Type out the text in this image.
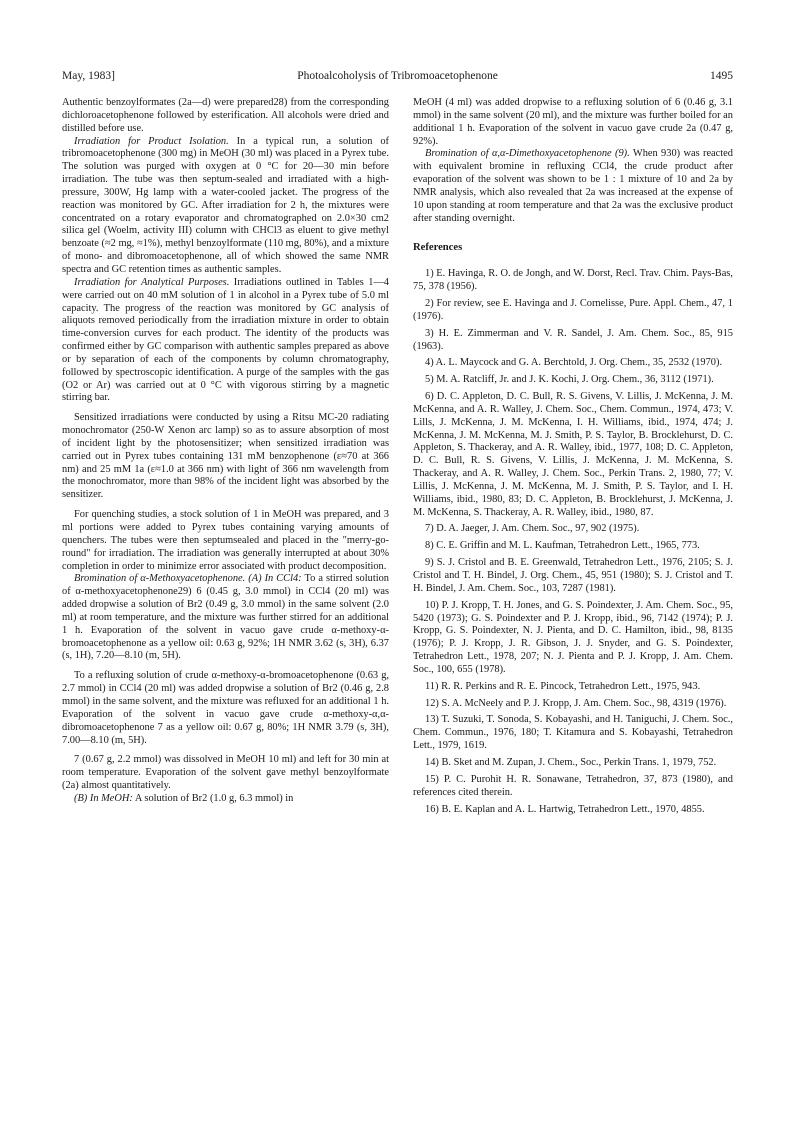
May, 1983]	Photoalcoholysis of Tribromoacetophenone	1495

Authentic benzoylformates (2a—d) were prepared28) from the corresponding dichloroacetophenone followed by esterification. All alcohols were dried and distilled before use.

Irradiation for Product Isolation. In a typical run, a solution of tribromoacetophenone (300 mg) in MeOH (30 ml) was placed in a Pyrex tube. The solution was purged with oxygen at 0 °C for 20—30 min before irradiation. The tube was then septum-sealed and irradiated with a high-pressure, 300W, Hg lamp with a water-cooled jacket. The progress of the reaction was monitored by GC. After irradiation for 2 h, the mixtures were concentrated on a rotary evaporator and chromatographed on 2.0×30 cm2 silica gel (Woelm, activity III) column with CHCl3 as eluent to give methyl benzoate (≈2 mg, ≈1%), methyl benzoylformate (110 mg, 80%), and a mixture of mono- and dibromoacetophenone, all of which showed the same NMR spectra and GC retention times as authentic samples.

Irradiation for Analytical Purposes. Irradiations outlined in Tables 1—4 were carried out on 40 mM solution of 1 in alcohol in a Pyrex tube of 5.0 ml capacity. The progress of the reaction was monitored by GC analysis of aliquots removed periodically from the irradiation mixture in order to obtain time-conversion curves for each product. The identity of the products was confirmed either by GC comparison with authentic samples prepared as above or by separation of each of the components by column chromatography, followed by spectroscopic identification. A purge of the samples with the gas (O2 or Ar) was carried out at 0 °C with vigorous stirring by a magnetic stirring bar.

Sensitized irradiations were conducted by using a Ritsu MC-20 radiating monochromator (250-W Xenon arc lamp) so as to assure absorption of most of incident light by the photosensitizer; when sensitized irradiation was carried out in Pyrex tubes containing 131 mM benzophenone (ε≈70 at 366 nm) and 25 mM 1a (ε≈1.0 at 366 nm) with light of 366 nm wavelength from the monochromator, more than 98% of the incident light was absorbed by the sensitizer.

For quenching studies, a stock solution of 1 in MeOH was prepared, and 3 ml portions were added to Pyrex tubes containing varying amounts of quenchers. The tubes were then septumsealed and placed in the "merry-go-round" for irradiation. The irradiation was generally interrupted at about 30% completion in order to minimize error associated with product decomposition.

Bromination of α-Methoxyacetophenone. (A) In CCl4: To a stirred solution of α-methoxyacetophenone29) 6 (0.45 g, 3.0 mmol) in CCl4 (20 ml) was added dropwise a solution of Br2 (0.49 g, 3.0 mmol) in the same solvent (2.0 ml) at room temperature, and the mixture was further stirred for an additional 1 h. Evaporation of the solvent in vacuo gave crude α-methoxy-α-bromoacetophenone as a yellow oil: 0.63 g, 92%; 1H NMR 3.62 (s, 3H), 6.37 (s, 1H), 7.20—8.10 (m, 5H).

To a refluxing solution of crude α-methoxy-α-bromoacetophenone (0.63 g, 2.7 mmol) in CCl4 (20 ml) was added dropwise a solution of Br2 (0.46 g, 2.8 mmol) in the same solvent, and the mixture was refluxed for an additional 1 h. Evaporation of the solvent in vacuo gave crude α-methoxy-α,α-dibromoacetophenone 7 as a yellow oil: 0.67 g, 80%; 1H NMR 3.79 (s, 3H), 7.00—8.10 (m, 5H).

7 (0.67 g, 2.2 mmol) was dissolved in MeOH 10 ml) and left for 30 min at room temperature. Evaporation of the solvent gave methyl benzoylformate (2a) almost quantitatively.

(B) In MeOH: A solution of Br2 (1.0 g, 6.3 mmol) in

MeOH (4 ml) was added dropwise to a refluxing solution of 6 (0.46 g, 3.1 mmol) in the same solvent (20 ml), and the mixture was further boiled for an additional 1 h. Evaporation of the solvent in vacuo gave crude 2a (0.47 g, 92%).

Bromination of α,α-Dimethoxyacetophenone (9). When 930) was reacted with equivalent bromine in refluxing CCl4, the crude product after evaporation of the solvent was shown to be 1 : 1 mixture of 10 and 2a by NMR analysis, which also revealed that 2a was increased at the expense of 10 upon standing at room temperature and that 2a was the exclusive product after standing overnight.

References

1) E. Havinga, R. O. de Jongh, and W. Dorst, Recl. Trav. Chim. Pays-Bas, 75, 378 (1956).

2) For review, see E. Havinga and J. Cornelisse, Pure. Appl. Chem., 47, 1 (1976).

3) H. E. Zimmerman and V. R. Sandel, J. Am. Chem. Soc., 85, 915 (1963).

4) A. L. Maycock and G. A. Berchtold, J. Org. Chem., 35, 2532 (1970).

5) M. A. Ratcliff, Jr. and J. K. Kochi, J. Org. Chem., 36, 3112 (1971).

6) D. C. Appleton, D. C. Bull, R. S. Givens, V. Lillis, J. McKenna, J. M. McKenna, and A. R. Walley, J. Chem. Soc., Chem. Commun., 1974, 473; V. Lills, J. McKenna, J. M. McKenna, I. H. Williams, ibid., 1974, 474; J. McKenna, J. M. McKenna, M. J. Smith, P. S. Taylor, B. Brocklehurst, D. C. Appleton, S. Thackeray, and A. R. Walley, ibid., 1977, 108; D. C. Appleton, D. C. Bull, R. S. Givens, V. Lillis, J. McKenna, J. M. McKenna, S. Thackeray, and A. R. Walley, J. Chem. Soc., Perkin Trans. 2, 1980, 77; V. Lillis, J. McKenna, J. M. McKenna, M. J. Smith, P. S. Taylor, and I. H. Williams, ibid., 1980, 83; D. C. Appleton, B. Brocklehurst, J. McKenna, J. M. McKenna, S. Thackeray, A. R. Walley, ibid., 1980, 87.

7) D. A. Jaeger, J. Am. Chem. Soc., 97, 902 (1975).

8) C. E. Griffin and M. L. Kaufman, Tetrahedron Lett., 1965, 773.

9) S. J. Cristol and B. E. Greenwald, Tetrahedron Lett., 1976, 2105; S. J. Cristol and T. H. Bindel, J. Org. Chem., 45, 951 (1980); S. J. Cristol and T. H. Bindel, J. Am. Chem. Soc., 103, 7287 (1981).

10) P. J. Kropp, T. H. Jones, and G. S. Poindexter, J. Am. Chem. Soc., 95, 5420 (1973); G. S. Poindexter and P. J. Kropp, ibid., 96, 7142 (1974); P. J. Kropp, G. S. Poindexter, N. J. Pienta, and D. C. Hamilton, ibid., 98, 8135 (1976); P. J. Kropp, J. R. Gibson, J. J. Snyder, and G. S. Poindexter, Tetrahedron Lett., 1978, 207; N. J. Pienta and P. J. Kropp, J. Am. Chem. Soc., 100, 655 (1978).

11) R. R. Perkins and R. E. Pincock, Tetrahedron Lett., 1975, 943.

12) S. A. McNeely and P. J. Kropp, J. Am. Chem. Soc., 98, 4319 (1976).

13) T. Suzuki, T. Sonoda, S. Kobayashi, and H. Taniguchi, J. Chem. Soc., Chem. Commun., 1976, 180; T. Kitamura and S. Kobayashi, Tetrahedron Lett., 1979, 1619.

14) B. Sket and M. Zupan, J. Chem., Soc., Perkin Trans. 1, 1979, 752.

15) P. C. Purohit H. R. Sonawane, Tetrahedron, 37, 873 (1980), and references cited therein.

16) B. E. Kaplan and A. L. Hartwig, Tetrahedron Lett., 1970, 4855.
